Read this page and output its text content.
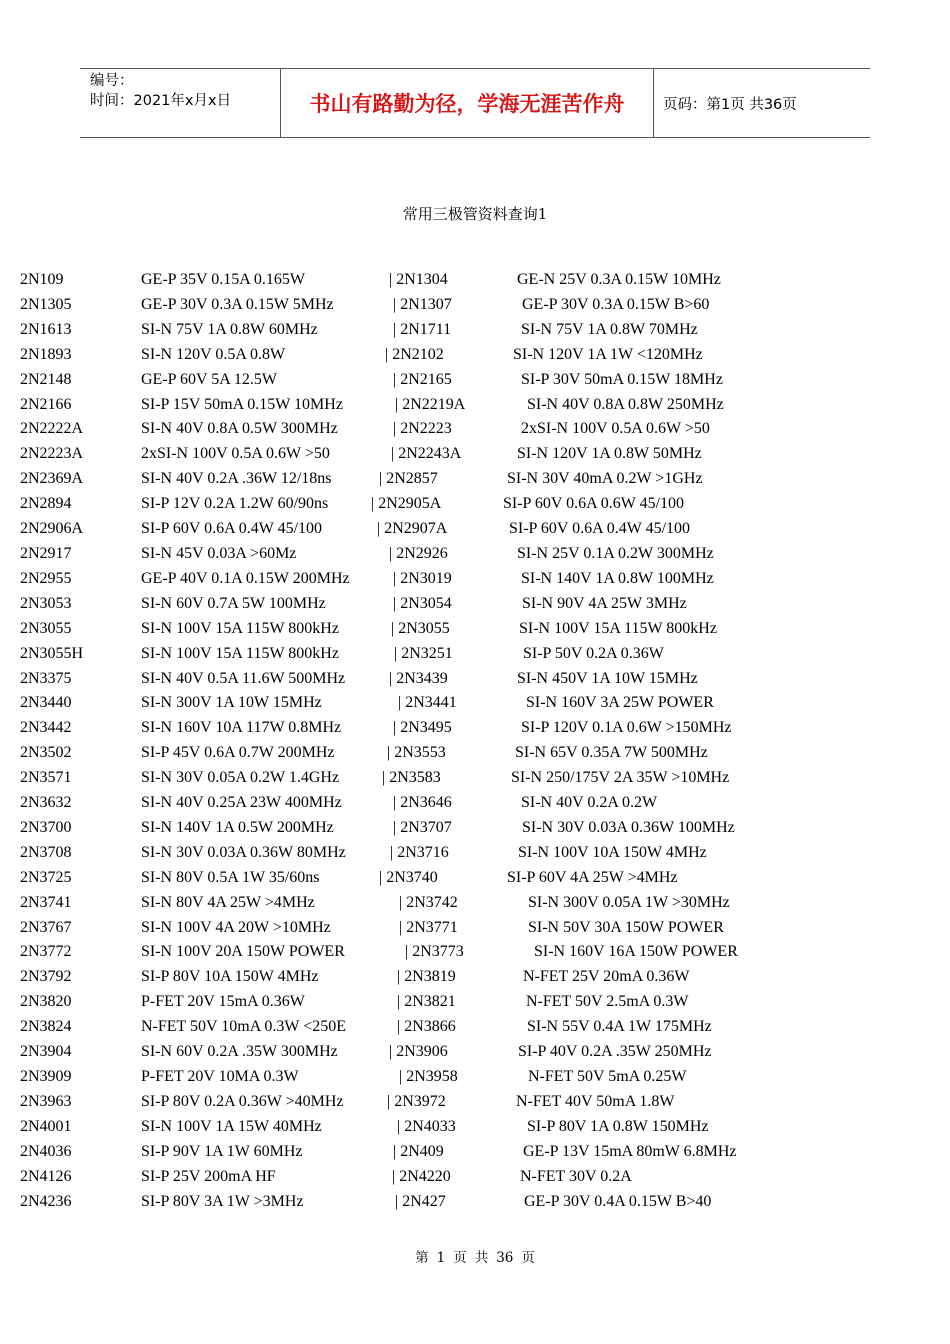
编号：
时间：2021年x月x日	书山有路勤为径，学海无涯苦作舟	页码：第1页 共36页
常用三极管资料查询1
2N109	GE-P 35V 0.15A 0.165W	| 2N1304	GE-N 25V 0.3A 0.15W 10MHz
2N1305	GE-P 30V 0.3A 0.15W 5MHz	| 2N1307	GE-P 30V 0.3A 0.15W B>60
2N1613	SI-N 75V 1A 0.8W 60MHz	| 2N1711	SI-N 75V 1A 0.8W 70MHz
2N1893	SI-N 120V 0.5A 0.8W	| 2N2102	SI-N 120V 1A 1W <120MHz
2N2148	GE-P 60V 5A 12.5W	| 2N2165	SI-P 30V 50mA 0.15W 18MHz
2N2166	SI-P 15V 50mA 0.15W 10MHz	| 2N2219A	SI-N 40V 0.8A 0.8W 250MHz
2N2222A	SI-N 40V 0.8A 0.5W 300MHz	| 2N2223	2xSI-N 100V 0.5A 0.6W >50
2N2223A	2xSI-N 100V 0.5A 0.6W >50	| 2N2243A	SI-N 120V 1A 0.8W 50MHz
2N2369A	SI-N 40V 0.2A .36W 12/18ns	| 2N2857	SI-N 30V 40mA 0.2W >1GHz
2N2894	SI-P 12V 0.2A 1.2W 60/90ns	| 2N2905A	SI-P 60V 0.6A 0.6W 45/100
2N2906A	SI-P 60V 0.6A 0.4W 45/100	| 2N2907A	SI-P 60V 0.6A 0.4W 45/100
2N2917	SI-N 45V 0.03A >60Mz	| 2N2926	SI-N 25V 0.1A 0.2W 300MHz
2N2955	GE-P 40V 0.1A 0.15W 200MHz	| 2N3019	SI-N 140V 1A 0.8W 100MHz
2N3053	SI-N 60V 0.7A 5W 100MHz	| 2N3054	SI-N 90V 4A 25W 3MHz
2N3055	SI-N 100V 15A 115W 800kHz	| 2N3055	SI-N 100V 15A 115W 800kHz
2N3055H	SI-N 100V 15A 115W 800kHz	| 2N3251	SI-P 50V 0.2A 0.36W
2N3375	SI-N 40V 0.5A 11.6W 500MHz	| 2N3439	SI-N 450V 1A 10W 15MHz
2N3440	SI-N 300V 1A 10W 15MHz	| 2N3441	SI-N 160V 3A 25W POWER
2N3442	SI-N 160V 10A 117W 0.8MHz	| 2N3495	SI-P 120V 0.1A 0.6W >150MHz
2N3502	SI-P 45V 0.6A 0.7W 200MHz	| 2N3553	SI-N 65V 0.35A 7W 500MHz
2N3571	SI-N 30V 0.05A 0.2W 1.4GHz	| 2N3583	SI-N 250/175V 2A 35W >10MHz
2N3632	SI-N 40V 0.25A 23W 400MHz	| 2N3646	SI-N 40V 0.2A 0.2W
2N3700	SI-N 140V 1A 0.5W 200MHz	| 2N3707	SI-N 30V 0.03A 0.36W 100MHz
2N3708	SI-N 30V 0.03A 0.36W 80MHz	| 2N3716	SI-N 100V 10A 150W 4MHz
2N3725	SI-N 80V 0.5A 1W 35/60ns	| 2N3740	SI-P 60V 4A 25W >4MHz
2N3741	SI-N 80V 4A 25W >4MHz	| 2N3742	SI-N 300V 0.05A 1W >30MHz
2N3767	SI-N 100V 4A 20W >10MHz	| 2N3771	SI-N 50V 30A 150W POWER
2N3772	SI-N 100V 20A 150W POWER	| 2N3773	SI-N 160V 16A 150W POWER
2N3792	SI-P 80V 10A 150W 4MHz	| 2N3819	N-FET 25V 20mA 0.36W
2N3820	P-FET 20V 15mA 0.36W	| 2N3821	N-FET 50V 2.5mA 0.3W
2N3824	N-FET 50V 10mA 0.3W <250E	| 2N3866	SI-N 55V 0.4A 1W 175MHz
2N3904	SI-N 60V 0.2A .35W 300MHz	| 2N3906	SI-P 40V 0.2A .35W 250MHz
2N3909	P-FET 20V 10MA 0.3W	| 2N3958	N-FET 50V 5mA 0.25W
2N3963	SI-P 80V 0.2A 0.36W >40MHz	| 2N3972	N-FET 40V 50mA 1.8W
2N4001	SI-N 100V 1A 15W 40MHz	| 2N4033	SI-P 80V 1A 0.8W 150MHz
2N4036	SI-P 90V 1A 1W 60MHz	| 2N409	GE-P 13V 15mA 80mW 6.8MHz
2N4126	SI-P 25V 200mA HF	| 2N4220	N-FET 30V 0.2A
2N4236	SI-P 80V 3A 1W >3MHz	| 2N427	GE-P 30V 0.4A 0.15W B>40
第 1 页 共 36 页
